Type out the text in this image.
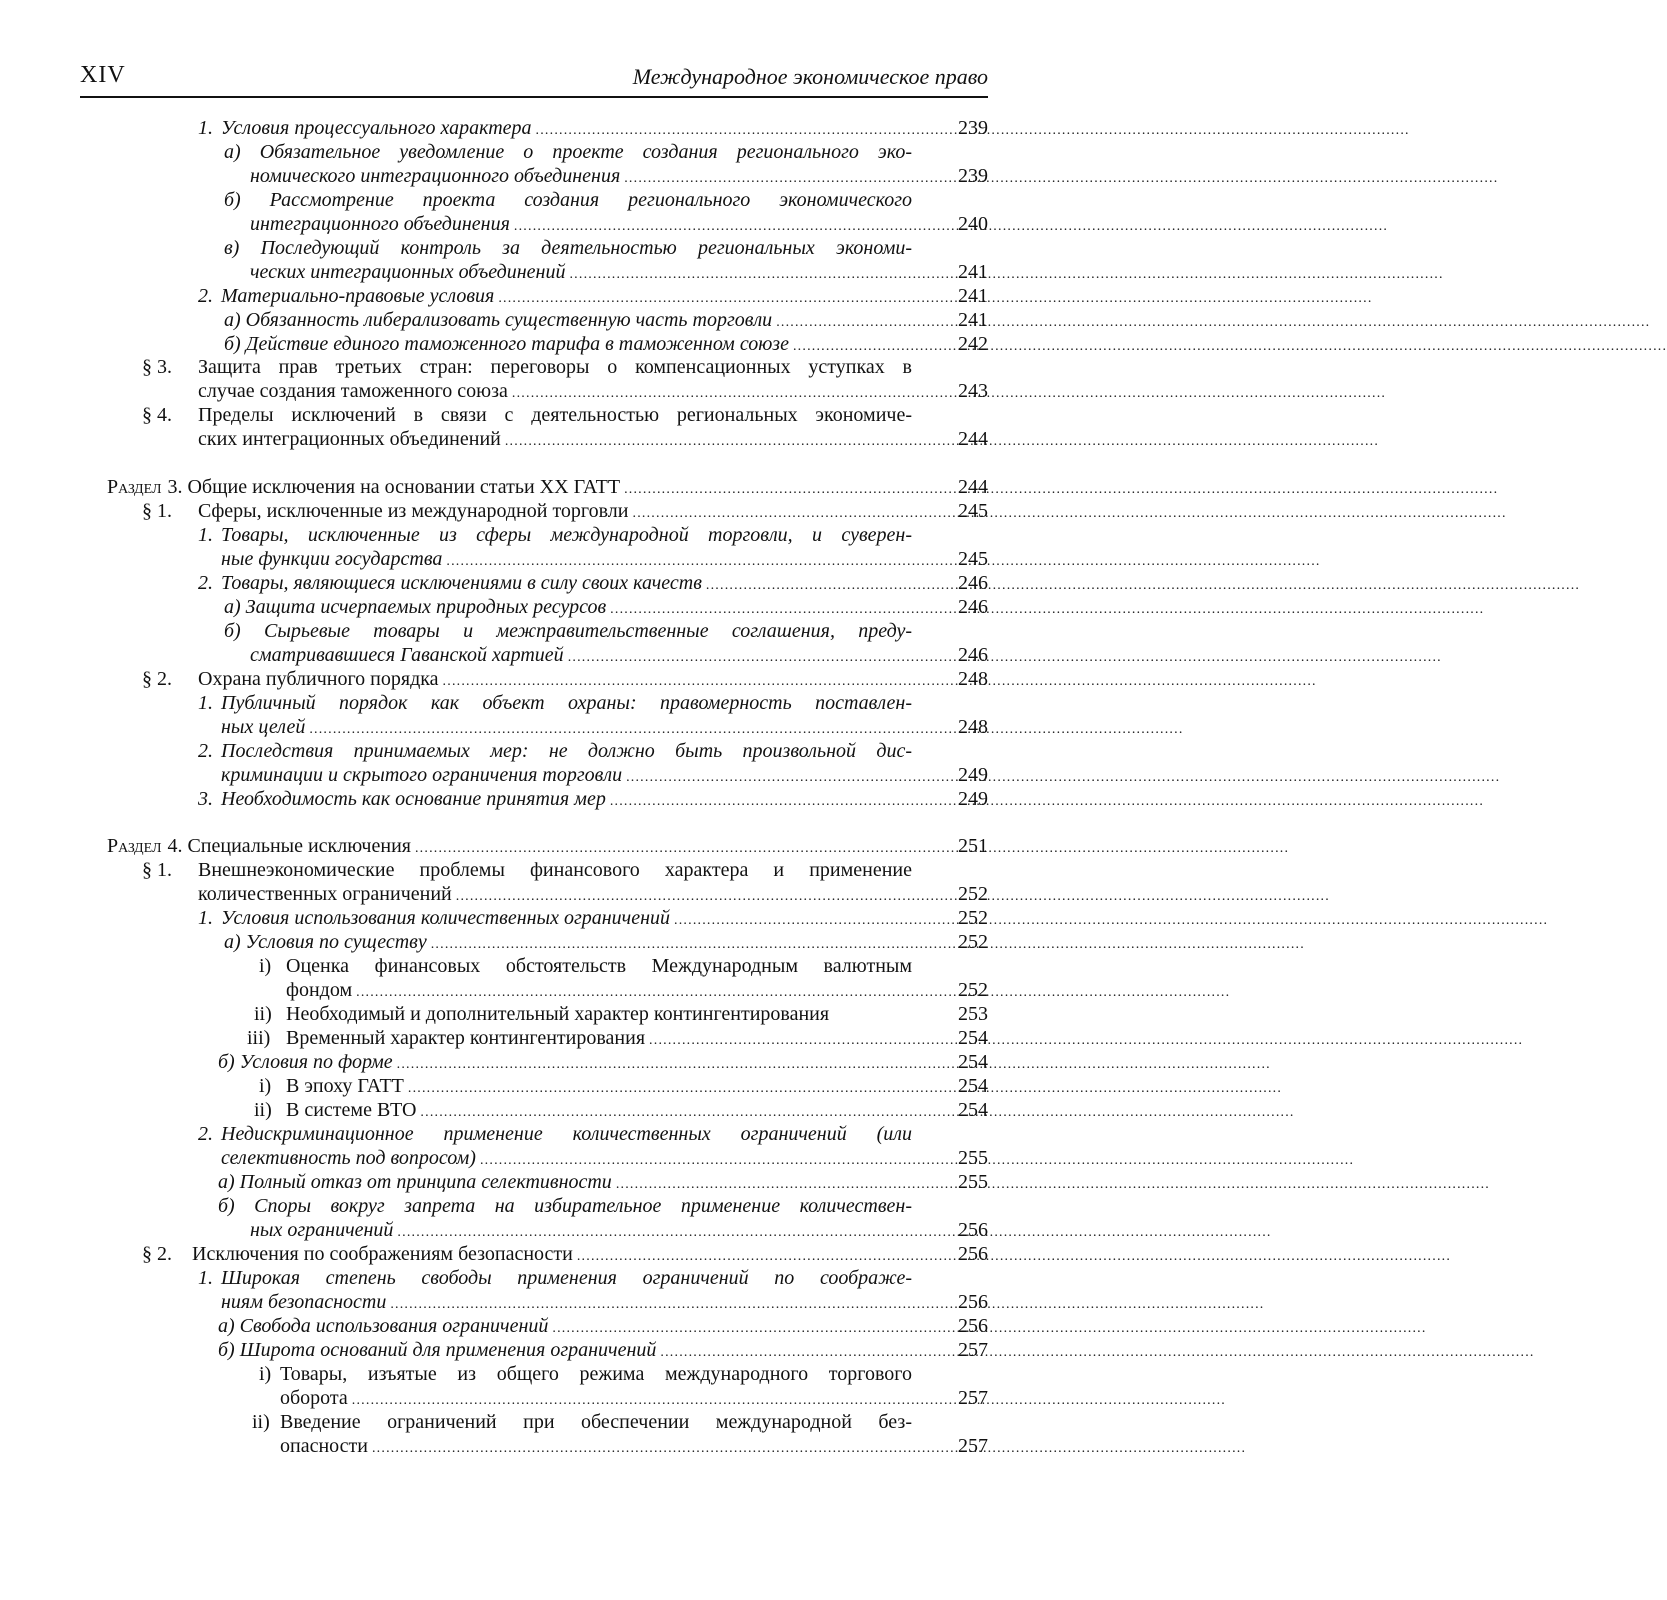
XIV	Международное экономическое право
1. Условия процессуального характера .....	239
а) Обязательное уведомление о проекте создания регионального эко-
номического интеграционного объединения .....	239
б) Рассмотрение проекта создания регионального экономического
интеграционного объединения .....	240
в) Последующий контроль за деятельностью региональных экономи-
ческих интеграционных объединений .....	241
2. Материально-правовые условия .....	241
а) Обязанность либерализовать существенную часть торговли .....	241
б) Действие единого таможенного тарифа в таможенном союзе .....	242
§ 3.	Защита прав третьих стран: переговоры о компенсационных уступках в
случае создания таможенного союза .....	243
§ 4.	Пределы исключений в связи с деятельностью региональных экономиче-
ских интеграционных объединений .....	244
Раздел 3. Общие исключения на основании статьи XX ГАТТ .....	244
§ 1.	Сферы, исключенные из международной торговли .....	245
1. Товары, исключенные из сферы международной торговли, и суверен-
ные функции государства .....	245
2. Товары, являющиеся исключениями в силу своих качеств .....	246
а) Защита исчерпаемых природных ресурсов .....	246
б) Сырьевые товары и межправительственные соглашения, преду-
сматривавшиеся Гаванской хартией .....	246
§ 2.	Охрана публичного порядка .....	248
1. Публичный порядок как объект охраны: правомерность поставлен-
ных целей .....	248
2. Последствия принимаемых мер: не должно быть произвольной дис-
криминации и скрытого ограничения торговли .....	249
3. Необходимость как основание принятия мер .....	249
Раздел 4. Специальные исключения .....	251
§ 1.	Внешнеэкономические проблемы финансового характера и применение
количественных ограничений .....	252
1. Условия использования количественных ограничений .....	252
а) Условия по существу .....	252
i) Оценка финансовых обстоятельств Международным валютным
фондом .....	252
ii) Необходимый и дополнительный характер контингентирования	253
iii) Временный характер контингентирования .....	254
б) Условия по форме .....	254
i) В эпоху ГАТТ .....	254
ii) В системе ВТО .....	254
2. Недискриминационное применение количественных ограничений (или
селективность под вопросом) .....	255
а) Полный отказ от принципа селективности .....	255
б) Споры вокруг запрета на избирательное применение количествен-
ных ограничений .....	256
§ 2.	Исключения по соображениям безопасности .....	256
1. Широкая степень свободы применения ограничений по соображе-
ниям безопасности .....	256
а) Свобода использования ограничений .....	256
б) Широта оснований для применения ограничений .....	257
i) Товары, изъятые из общего режима международного торгового
оборота .....	257
ii) Введение ограничений при обеспечении международной без-
опасности .....	257
